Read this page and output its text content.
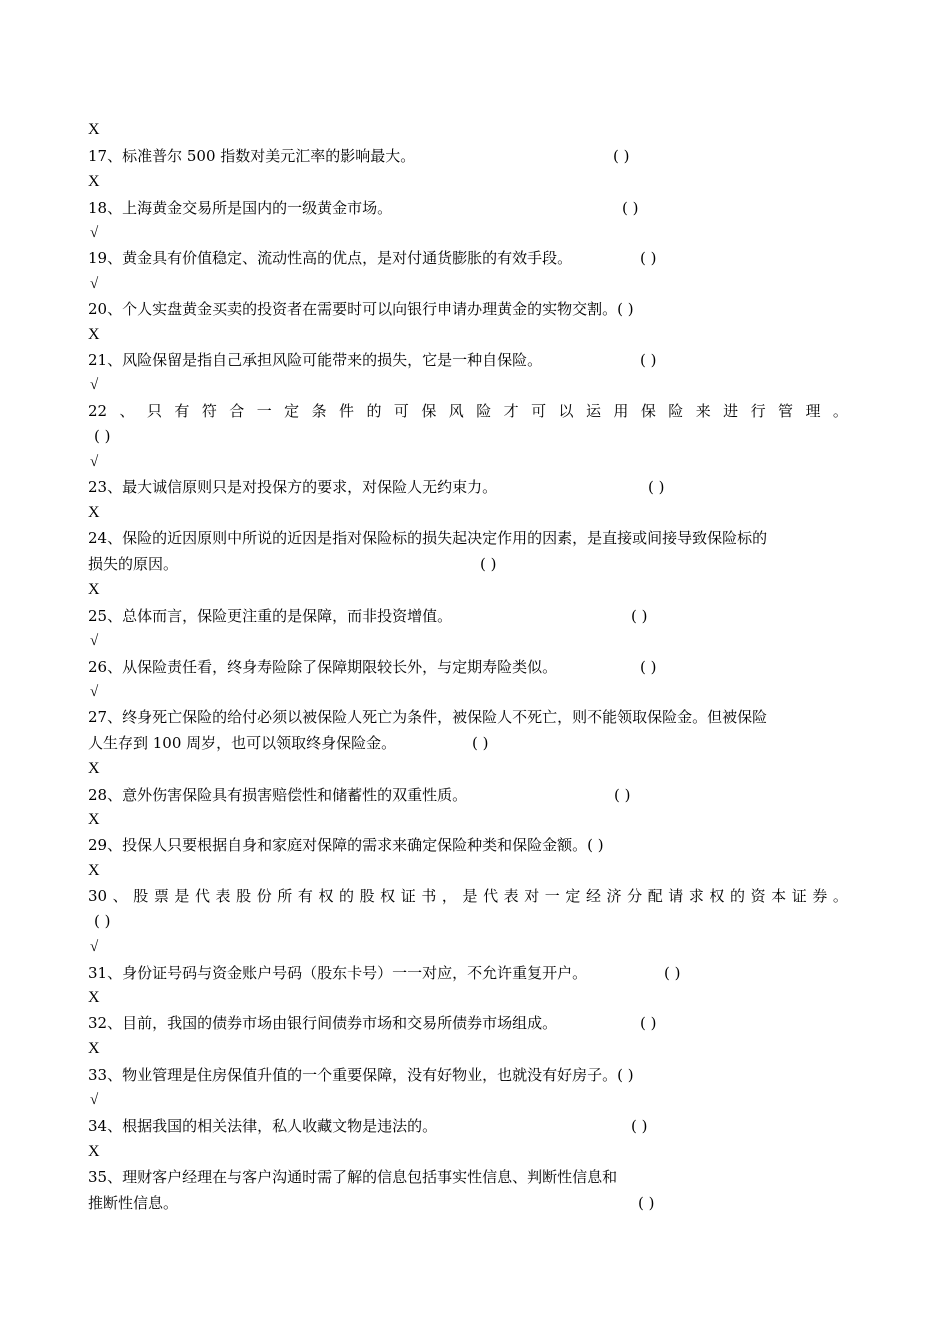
X
17、标准普尔 500 指数对美元汇率的影响最大。	( )
X
18、上海黄金交易所是国内的一级黄金市场。	( )
√
19、黄金具有价值稳定、流动性高的优点，是对付通货膨胀的有效手段。	( )
√
20、个人实盘黄金买卖的投资者在需要时可以向银行申请办理黄金的实物交割。( )
X
21、风险保留是指自己承担风险可能带来的损失，它是一种自保险。	( )
√
22 、 只 有 符 合 一 定 条 件 的 可 保 风 险 才 可 以 运 用 保 险 来 进 行 管 理 。
( )
√
23、最大诚信原则只是对投保方的要求，对保险人无约束力。	( )
X
24、保险的近因原则中所说的近因是指对保险标的损失起决定作用的因素，是直接或间接导致保险标的
损失的原因。	( )
X
25、总体而言，保险更注重的是保障，而非投资增值。	( )
√
26、从保险责任看，终身寿险除了保障期限较长外，与定期寿险类似。	( )
√
27、终身死亡保险的给付必须以被保险人死亡为条件，被保险人不死亡，则不能领取保险金。但被保险
人生存到 100 周岁，也可以领取终身保险金。	( )
X
28、意外伤害保险具有损害赔偿性和储蓄性的双重性质。	( )
X
29、投保人只要根据自身和家庭对保障的需求来确定保险种类和保险金额。( )
X
30 、 股 票 是 代 表 股 份 所 有 权 的 股 权 证 书 ， 是 代 表 对 一 定 经 济 分 配 请 求 权 的 资 本 证 券 。
( )
√
31、身份证号码与资金账户号码（股东卡号）一一对应，不允许重复开户。	( )
X
32、目前，我国的债券市场由银行间债券市场和交易所债券市场组成。	( )
X
33、物业管理是住房保值升值的一个重要保障，没有好物业，也就没有好房子。( )
√
34、根据我国的相关法律，私人收藏文物是违法的。	( )
X
35、理财客户经理在与客户沟通时需了解的信息包括事实性信息、判断性信息和
推断性信息。	( )
